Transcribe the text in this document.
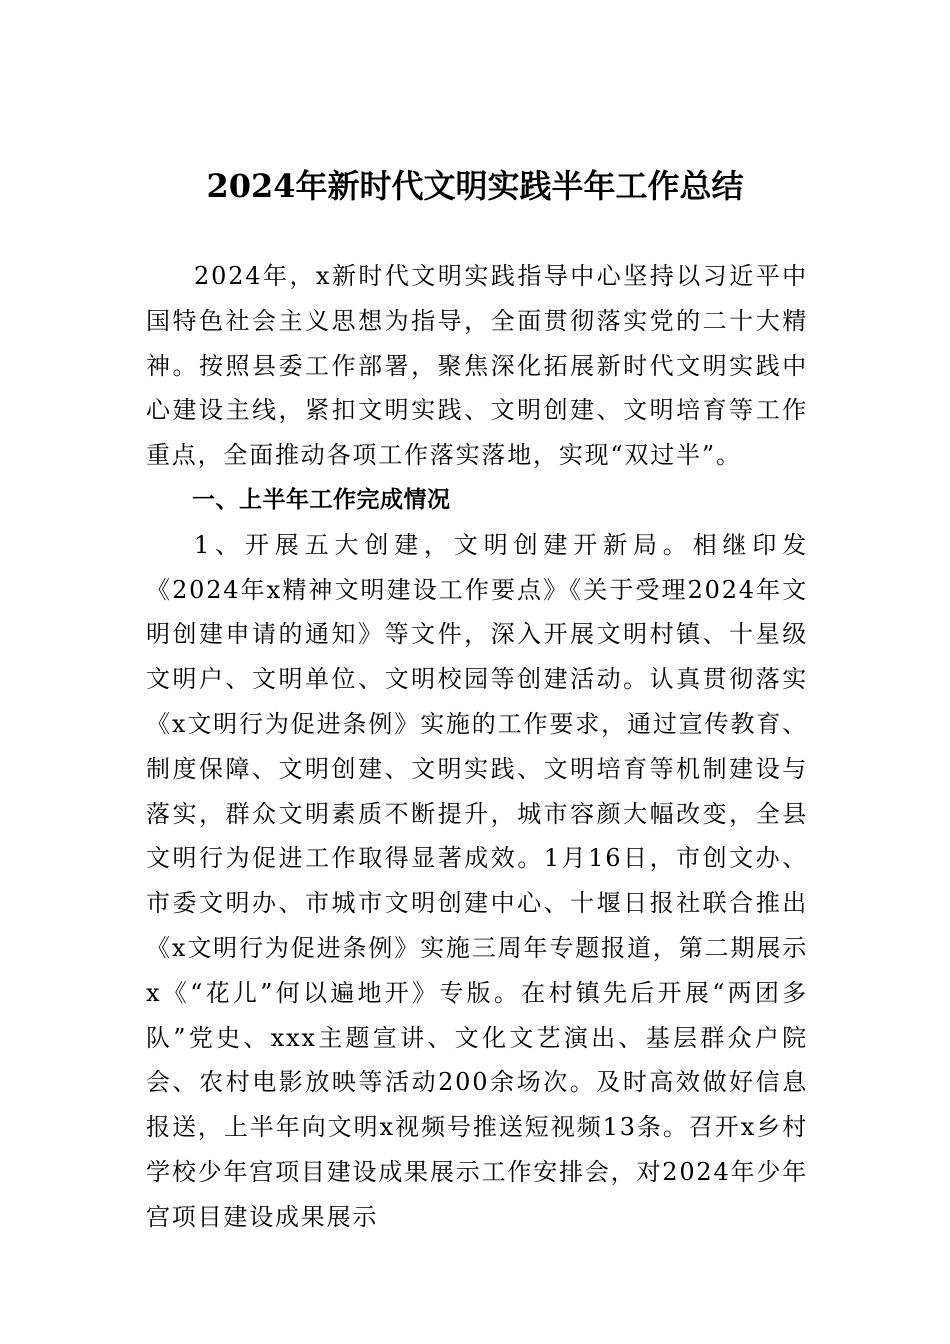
2024年新时代文明实践半年工作总结

2024年，x新时代文明实践指导中心坚持以习近平中国特色社会主义思想为指导，全面贯彻落实党的二十大精神。按照县委工作部署，聚焦深化拓展新时代文明实践中心建设主线，紧扣文明实践、文明创建、文明培育等工作重点，全面推动各项工作落实落地，实现“双过半”。

一、上半年工作完成情况

1、开展五大创建，文明创建开新局。相继印发《2024年x精神文明建设工作要点》《关于受理2024年文明创建申请的通知》等文件，深入开展文明村镇、十星级文明户、文明单位、文明校园等创建活动。认真贯彻落实《x文明行为促进条例》实施的工作要求，通过宣传教育、制度保障、文明创建、文明实践、文明培育等机制建设与落实，群众文明素质不断提升，城市容颜大幅改变，全县文明行为促进工作取得显著成效。1月16日，市创文办、市委文明办、市城市文明创建中心、十堰日报社联合推出《x文明行为促进条例》实施三周年专题报道，第二期展示x《“花儿”何以遍地开》专版。在村镇先后开展“两团多队”党史、xxx主题宣讲、文化文艺演出、基层群众户院会、农村电影放映等活动200余场次。及时高效做好信息报送，上半年向文明x视频号推送短视频13条。召开x乡村学校少年宫项目建设成果展示工作安排会，对2024年少年宫项目建设成果展示
